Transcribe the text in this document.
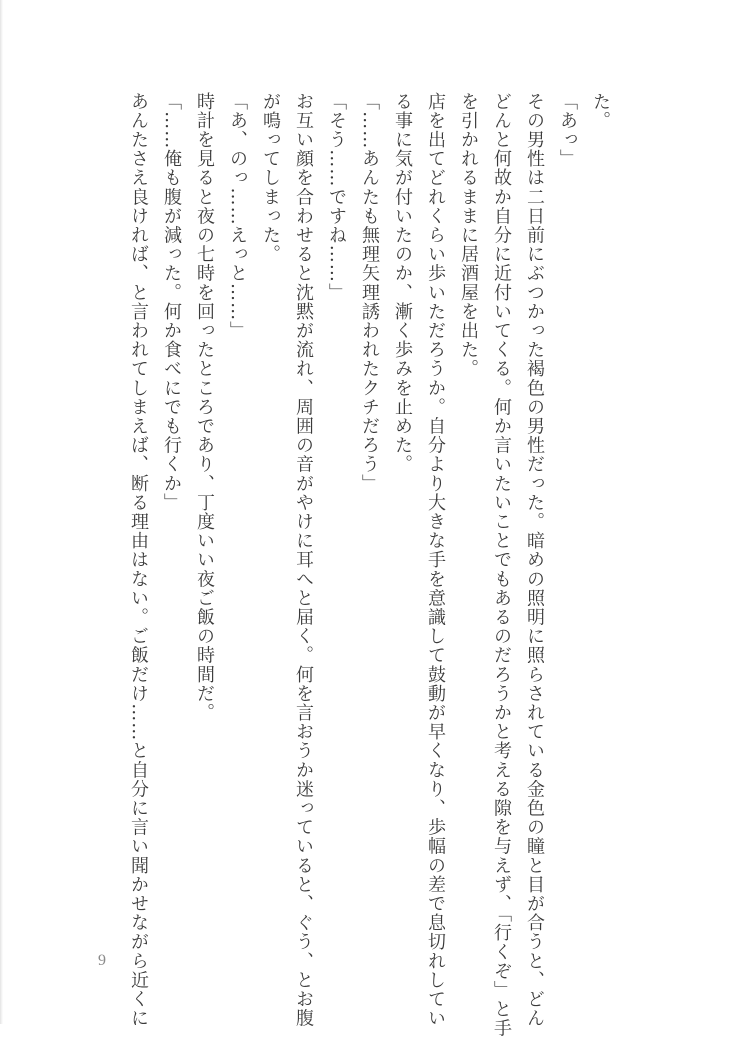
た。
「あっ」
その男性は二日前にぶつかった褐色の男性だった。暗めの照明に照らされている金色の瞳と目が合うと、どん
どんと何故か自分に近付いてくる。何か言いたいことでもあるのだろうかと考える隙を与えず、「行くぞ」と手
を引かれるままに居酒屋を出た。
店を出てどれくらい歩いただろうか。自分より大きな手を意識して鼓動が早くなり、歩幅の差で息切れしてい
る事に気が付いたのか、漸く歩みを止めた。
「……あんたも無理矢理誘われたクチだろう」
「そう……ですね……」
お互い顔を合わせると沈黙が流れ、周囲の音がやけに耳へと届く。何を言おうか迷っていると、ぐう、とお腹
が鳴ってしまった。
「あ、のっ……えっと……」
時計を見ると夜の七時を回ったところであり、丁度いい夜ご飯の時間だ。
「……俺も腹が減った。何か食べにでも行くか」
あんたさえ良ければ、と言われてしまえば、断る理由はない。ご飯だけ……と自分に言い聞かせながら近くに
9
